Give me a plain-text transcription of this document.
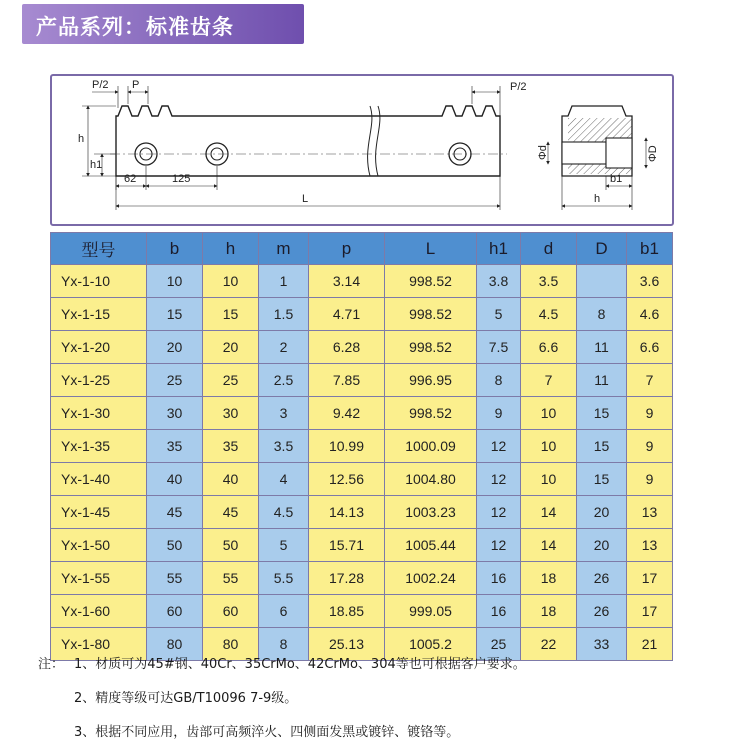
产品系列：标准齿条
P/2 P	P/2
h
h1
62	125
L
Φd	ΦD
b1
h
型号	b	h	m	p	L	h1	d	D	b1
Yx-1-10	10	10	1	3.14	998.52	3.8	3.5		3.6
Yx-1-15	15	15	1.5	4.71	998.52	5	4.5	8	4.6
Yx-1-20	20	20	2	6.28	998.52	7.5	6.6	11	6.6
Yx-1-25	25	25	2.5	7.85	996.95	8	7	11	7
Yx-1-30	30	30	3	9.42	998.52	9	10	15	9
Yx-1-35	35	35	3.5	10.99	1000.09	12	10	15	9
Yx-1-40	40	40	4	12.56	1004.80	12	10	15	9
Yx-1-45	45	45	4.5	14.13	1003.23	12	14	20	13
Yx-1-50	50	50	5	15.71	1005.44	12	14	20	13
Yx-1-55	55	55	5.5	17.28	1002.24	16	18	26	17
Yx-1-60	60	60	6	18.85	999.05	16	18	26	17
Yx-1-80	80	80	8	25.13	1005.2	25	22	33	21
注： 1、材质可为45#钢、40Cr、35CrMo、42CrMo、304等也可根据客户要求。
2、精度等级可达GB/T10096 7-9级。
3、根据不同应用，齿部可高频淬火、四侧面发黑或镀锌、镀铬等。
